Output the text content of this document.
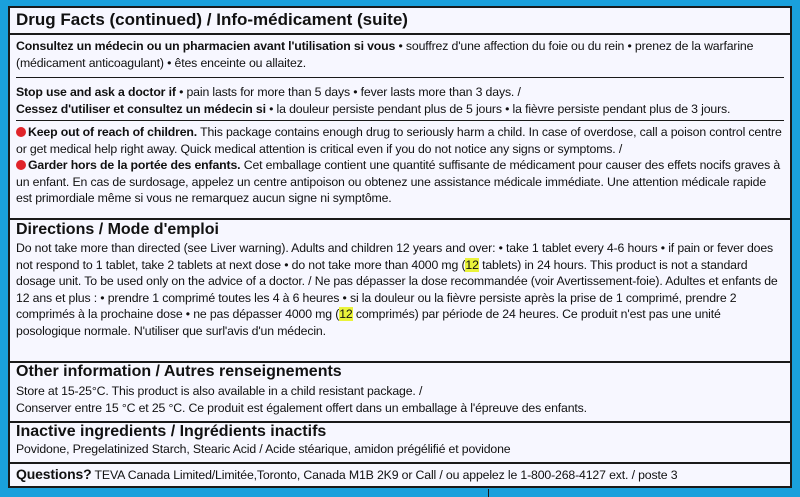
Drug Facts (continued) / Info-médicament (suite)
Consultez un médecin ou un pharmacien avant l'utilisation si vous • souffrez d'une affection du foie ou du rein • prenez de la warfarine (médicament anticoagulant) • êtes enceinte ou allaitez.
Stop use and ask a doctor if • pain lasts for more than 5 days • fever lasts more than 3 days. /
Cessez d'utiliser et consultez un médecin si • la douleur persiste pendant plus de 5 jours • la fièvre persiste pendant plus de 3 jours.
Keep out of reach of children. This package contains enough drug to seriously harm a child. In case of overdose, call a poison control centre or get medical help right away. Quick medical attention is critical even if you do not notice any signs or symptoms. /
Garder hors de la portée des enfants. Cet emballage contient une quantité suffisante de médicament pour causer des effets nocifs graves à un enfant. En cas de surdosage, appelez un centre antipoison ou obtenez une assistance médicale immédiate. Une attention médicale rapide est primordiale même si vous ne remarquez aucun signe ni symptôme.
Directions / Mode d'emploi
Do not take more than directed (see Liver warning). Adults and children 12 years and over: • take 1 tablet every 4-6 hours • if pain or fever does not respond to 1 tablet, take 2 tablets at next dose • do not take more than 4000 mg (12 tablets) in 24 hours. This product is not a standard dosage unit. To be used only on the advice of a doctor. / Ne pas dépasser la dose recommandée (voir Avertissement-foie). Adultes et enfants de 12 ans et plus : • prendre 1 comprimé toutes les 4 à 6 heures • si la douleur ou la fièvre persiste après la prise de 1 comprimé, prendre 2 comprimés à la prochaine dose • ne pas dépasser 4000 mg (12 comprimés) par période de 24 heures. Ce produit n'est pas une unité posologique normale. N'utiliser que surl'avis d'un médecin.
Other information / Autres renseignements
Store at 15-25°C. This product is also available in a child resistant package. /
Conserver entre 15 °C et 25 °C. Ce produit est également offert dans un emballage à l'épreuve des enfants.
Inactive ingredients / Ingrédients inactifs
Povidone, Pregelatinized Starch, Stearic Acid / Acide stéarique, amidon prégélifié et povidone
Questions? TEVA Canada Limited/Limitée,Toronto, Canada M1B 2K9 or Call / ou appelez le 1-800-268-4127 ext. / poste 3
